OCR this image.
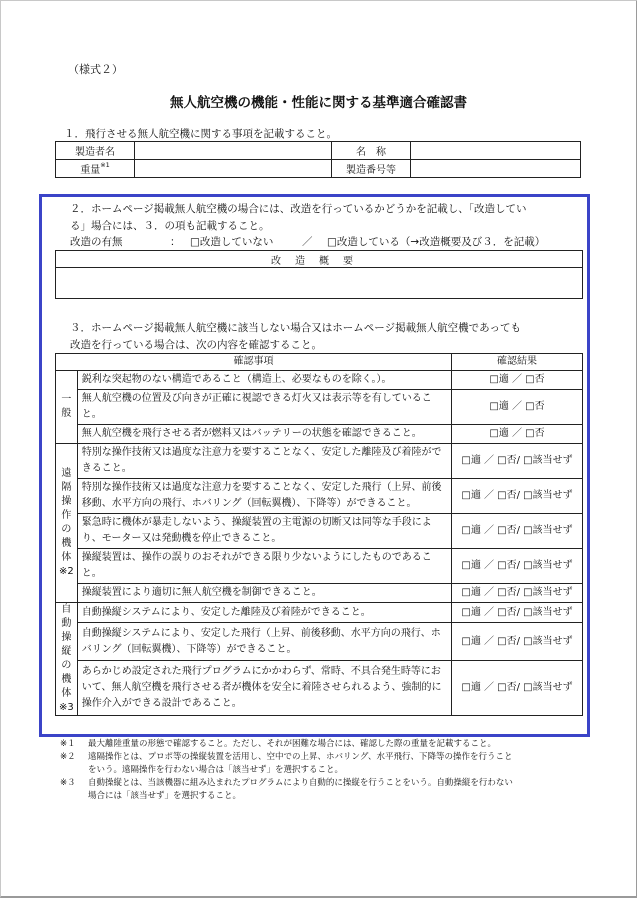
（様式２）
無人航空機の機能・性能に関する基準適合確認書
１．飛行させる無人航空機に関する事項を記載すること。
製造者名		名　称	
重量$^{※1}$		製造番号等	
２．ホームページ掲載無人航空機の場合には、改造を行っているかどうかを記載し、「改造してい
る」場合には、３．の項も記載すること。
改造の有無	： □改造していない	／ □改造している（→改造概要及び３．を記載）
改造概要

３．ホームページ掲載無人航空機に該当しない場合又はホームページ掲載無人航空機であっても
改造を行っている場合は、次の内容を確認すること。
確認事項		確認結果
一般	鋭利な突起物のない構造であること（構造上、必要なものを除く。）。	□適 ／ □否
	無人航空機の位置及び向きが正確に視認できる灯火又は表示等を有していること。	□適 ／ □否
	無人航空機を飛行させる者が燃料又はバッテリーの状態を確認できること。	□適 ／ □否
遠隔操作の機体※2	特別な操作技術又は過度な注意力を要することなく、安定した離陸及び着陸ができること。	□適 ／ □否/ □該当せず
	特別な操作技術又は過度な注意力を要することなく、安定した飛行（上昇、前後移動、水平方向の飛行、ホバリング（回転翼機）、下降等）ができること。	□適 ／ □否/ □該当せず
	緊急時に機体が暴走しないよう、操縦装置の主電源の切断又は同等な手段により、モーター又は発動機を停止できること。	□適 ／ □否/ □該当せず
	操縦装置は、操作の誤りのおそれができる限り少ないようにしたものであること。	□適 ／ □否/ □該当せず
	操縦装置により適切に無人航空機を制御できること。	□適 ／ □否/ □該当せず
自動操縦の機体※3	自動操縦システムにより、安定した離陸及び着陸ができること。	□適 ／ □否/ □該当せず
	自動操縦システムにより、安定した飛行（上昇、前後移動、水平方向の飛行、ホバリング（回転翼機）、下降等）ができること。	□適 ／ □否/ □該当せず
	あらかじめ設定された飛行プログラムにかかわらず、常時、不具合発生時等において、無人航空機を飛行させる者が機体を安全に着陸させられるよう、強制的に操作介入ができる設計であること。	□適 ／ □否/ □該当せず
※１ 最大離陸重量の形態で確認すること。ただし、それが困難な場合には、確認した際の重量を記載すること。
※２ 遠隔操作とは、プロポ等の操縦装置を活用し、空中での上昇、ホバリング、水平飛行、下降等の操作を行うこと
をいう。遠隔操作を行わない場合は「該当せず」を選択すること。
※３ 自動操縦とは、当該機器に組み込まれたプログラムにより自動的に操縦を行うことをいう。自動操縦を行わない
場合には「該当せず」を選択すること。
